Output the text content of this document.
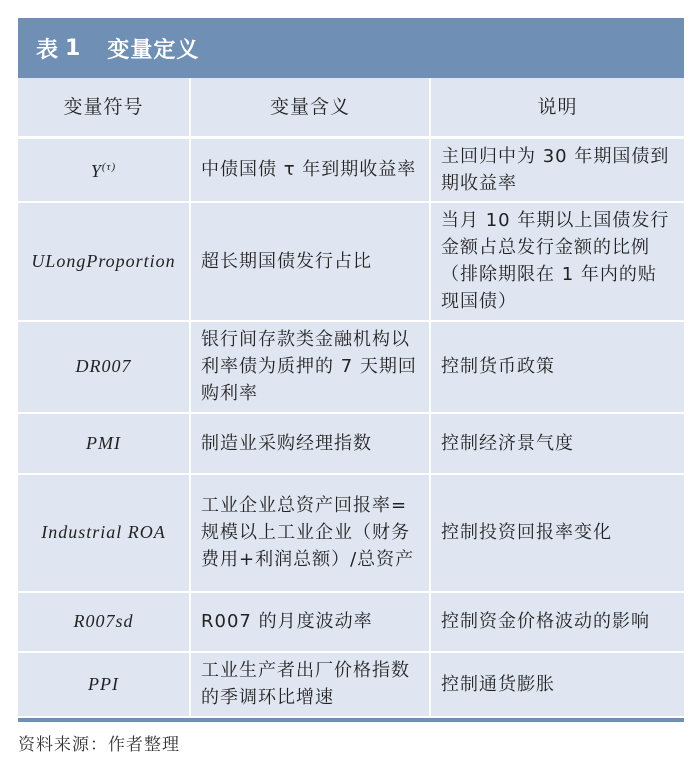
表 1 变量定义
变量符号	变量含义	说明
$Y^{(\tau)}$	中债国债 τ 年到期收益率	主回归中为 30 年期国债到期收益率
ULongProportion	超长期国债发行占比	当月 10 年期以上国债发行金额占总发行金额的比例（排除期限在 1 年内的贴现国债）
DR007	银行间存款类金融机构以利率债为质押的 7 天期回购利率	控制货币政策
PMI	制造业采购经理指数	控制经济景气度
Industrial ROA	工业企业总资产回报率=规模以上工业企业（财务费用+利润总额）/总资产	控制投资回报率变化
R007sd	R007 的月度波动率	控制资金价格波动的影响
PPI	工业生产者出厂价格指数的季调环比增速	控制通货膨胀
资料来源：作者整理
